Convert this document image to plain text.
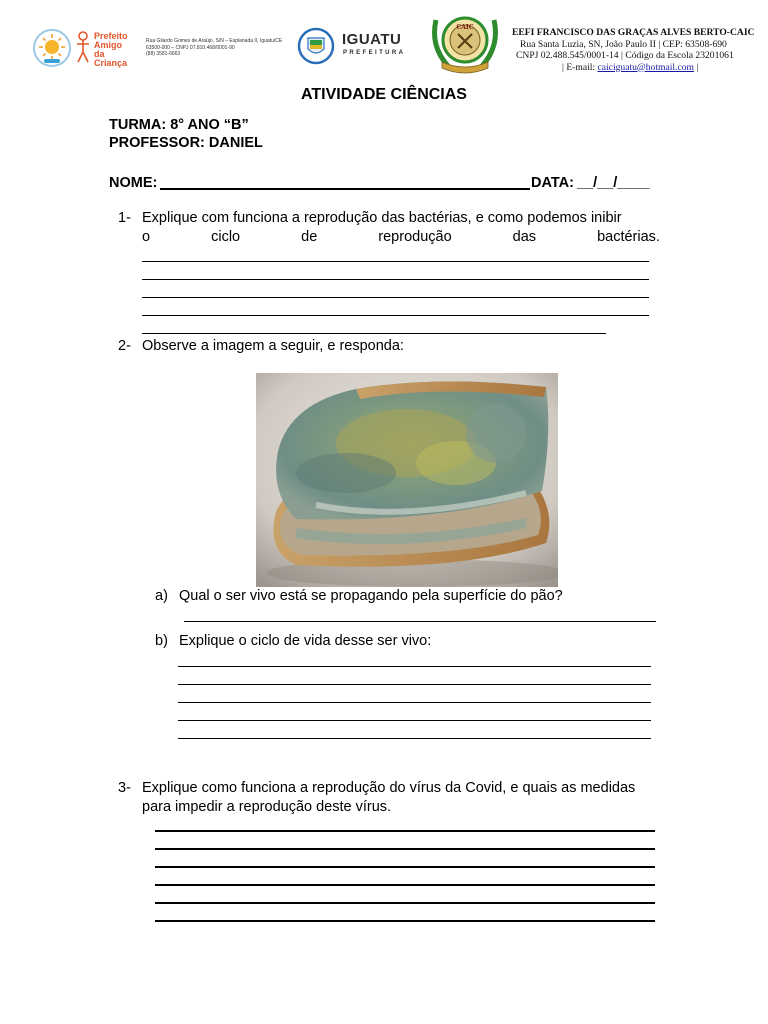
Prefeito
Amigo
da Criança
Rua Gilardo Gomes de Araújo, S/N – Esplanada II, Iguatu/CE
63500-000 – CNPJ 07.810.468/0001-90
(88) 3581-6663
IGUATU
PREFEITURA
CAIC	EEFI FRANCISCO DAS GRAÇAS ALVES BERTO-CAIC
Rua Santa Luzia, SN, João Paulo II | CEP: 63508-690
CNPJ 02.488.545/0001-14 | Código da Escola 23201061
| E-mail: caiciguatu@hotmail.com |
ATIVIDADE CIÊNCIAS
TURMA: 8° ANO “B”
PROFESSOR: DANIEL
NOME:	DATA: __/__/____
1- Explique com funciona a reprodução das bactérias, e como podemos inibir
o	ciclo	de	reprodução	das	bactérias.
2- Observe a imagem a seguir, e responda:
a) Qual o ser vivo está se propagando pela superfície do pão?
b) Explique o ciclo de vida desse ser vivo:
3- Explique como funciona a reprodução do vírus da Covid, e quais as medidas
para impedir a reprodução deste vírus.
